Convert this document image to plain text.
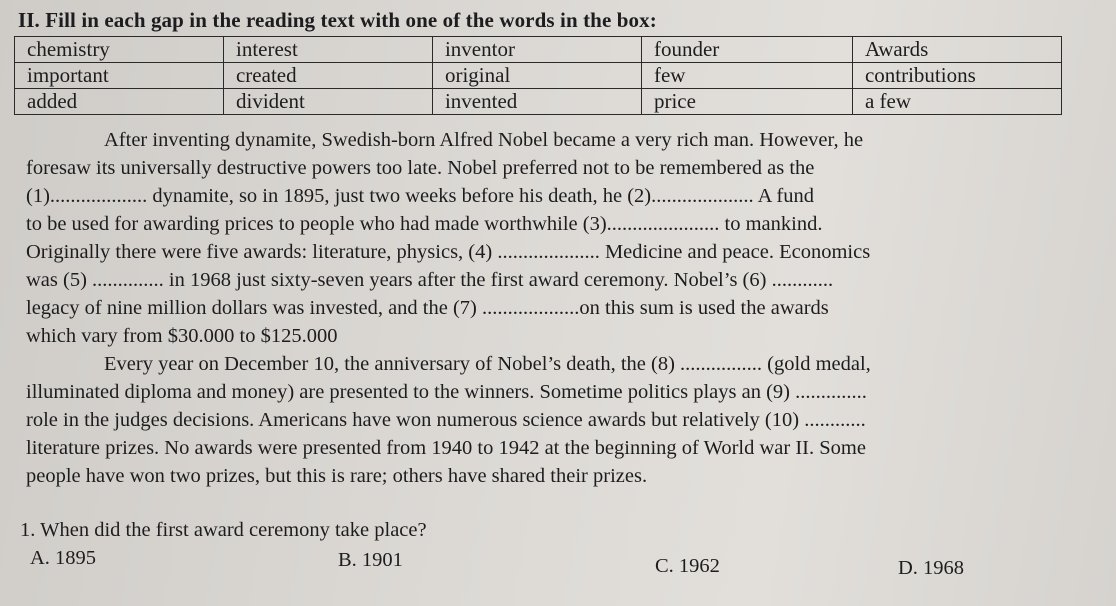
II. Fill in each gap in the reading text with one of the words in the box:
chemistry	interest	inventor	founder	Awards
important	created	original	few	contributions
added	divident	invented	price	a few
After inventing dynamite, Swedish-born Alfred Nobel became a very rich man. However, he
foresaw its universally destructive powers too late. Nobel preferred not to be remembered as the
(1)................... dynamite, so in 1895, just two weeks before his death, he (2).................... A fund
to be used for awarding prices to people who had made worthwhile (3)...................... to mankind.
Originally there were five awards: literature, physics, (4) .................... Medicine and peace. Economics
was (5) .............. in 1968 just sixty-seven years after the first award ceremony. Nobel’s (6) ............
legacy of nine million dollars was invested, and the (7) ...................on this sum is used the awards
which vary from $30.000 to $125.000
Every year on December 10, the anniversary of Nobel’s death, the (8) ................ (gold medal,
illuminated diploma and money) are presented to the winners. Sometime politics plays an (9) ..............
role in the judges decisions. Americans have won numerous science awards but relatively (10) ............
literature prizes. No awards were presented from 1940 to 1942 at the beginning of World war II. Some
people have won two prizes, but this is rare; others have shared their prizes.
1. When did the first award ceremony take place?
A. 1895	B. 1901	C. 1962	D. 1968
